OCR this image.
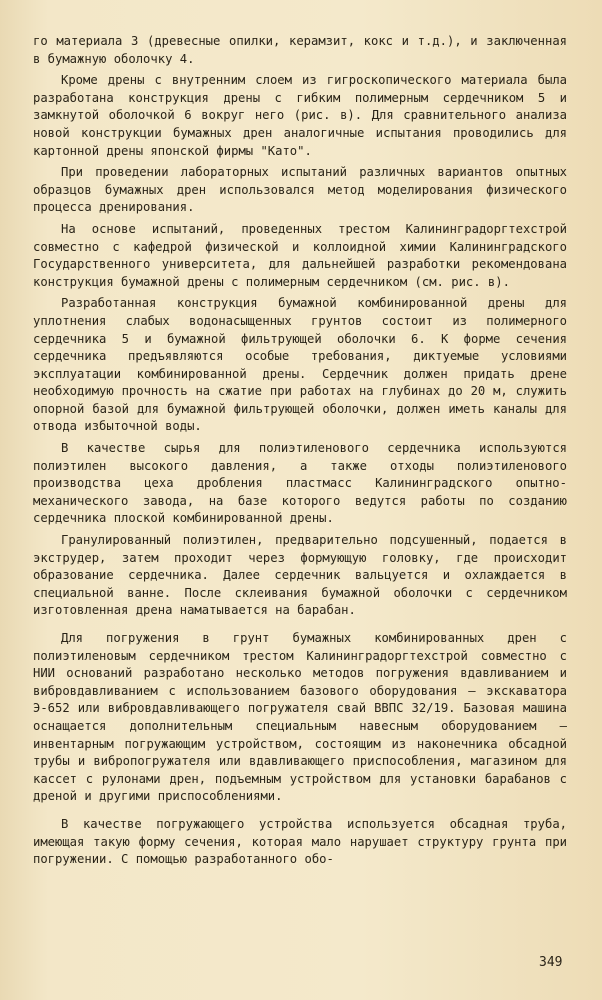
го материала 3 (древесные опилки, керамзит, кокс и т.д.), и заключенная в бумажную оболочку 4.

Кроме дрены с внутренним слоем из гигроскопического материала была разработана конструкция дрены с гибким полимерным сердечником 5 и замкнутой оболочкой 6 вокруг него (рис. в). Для сравнительного анализа новой конструкции бумажных дрен аналогичные испытания проводились для картонной дрены японской фирмы "Като".

При проведении лабораторных испытаний различных вариантов опытных образцов бумажных дрен использовался метод моделирования физического процесса дренирования.

На основе испытаний, проведенных трестом Калининградоргтехстрой совместно с кафедрой физической и коллоидной химии Калининградского Государственного университета, для дальнейшей разработки рекомендована конструкция бумажной дрены с полимерным сердечником (см. рис. в).

Разработанная конструкция бумажной комбинированной дрены для уплотнения слабых водонасыщенных грунтов состоит из полимерного сердечника 5 и бумажной фильтрующей оболочки 6. К форме сечения сердечника предъявляются особые требования, диктуемые условиями эксплуатации комбинированной дрены. Сердечник должен придать дрене необходимую прочность на сжатие при работах на глубинах до 20 м, служить опорной базой для бумажной фильтрующей оболочки, должен иметь каналы для отвода избыточной воды.

В качестве сырья для полиэтиленового сердечника используются полиэтилен высокого давления, а также отходы полиэтиленового производства цеха дробления пластмасс Калининградского опытно-механического завода, на базе которого ведутся работы по созданию сердечника плоской комбинированной дрены.

Гранулированный полиэтилен, предварительно подсушенный, подается в экструдер, затем проходит через формующую головку, где происходит образование сердечника. Далее сердечник вальцуется и охлаждается в специальной ванне. После склеивания бумажной оболочки с сердечником изготовленная дрена наматывается на барабан.

Для погружения в грунт бумажных комбинированных дрен с полиэтиленовым сердечником трестом Калининградоргтехстрой совместно с НИИ оснований разработано несколько методов погружения вдавливанием и вибровдавливанием с использованием базового оборудования – экскаватора Э-652 или вибровдавливающего погружателя свай ВВПС 32/19. Базовая машина оснащается дополнительным специальным навесным оборудованием – инвентарным погружающим устройством, состоящим из наконечника обсадной трубы и вибропогружателя или вдавливающего приспособления, магазином для кассет с рулонами дрен, подъемным устройством для установки барабанов с дреной и другими приспособлениями.

В качестве погружающего устройства используется обсадная труба, имеющая такую форму сечения, которая мало нарушает структуру грунта при погружении. С помощью разработанного обо-

349
